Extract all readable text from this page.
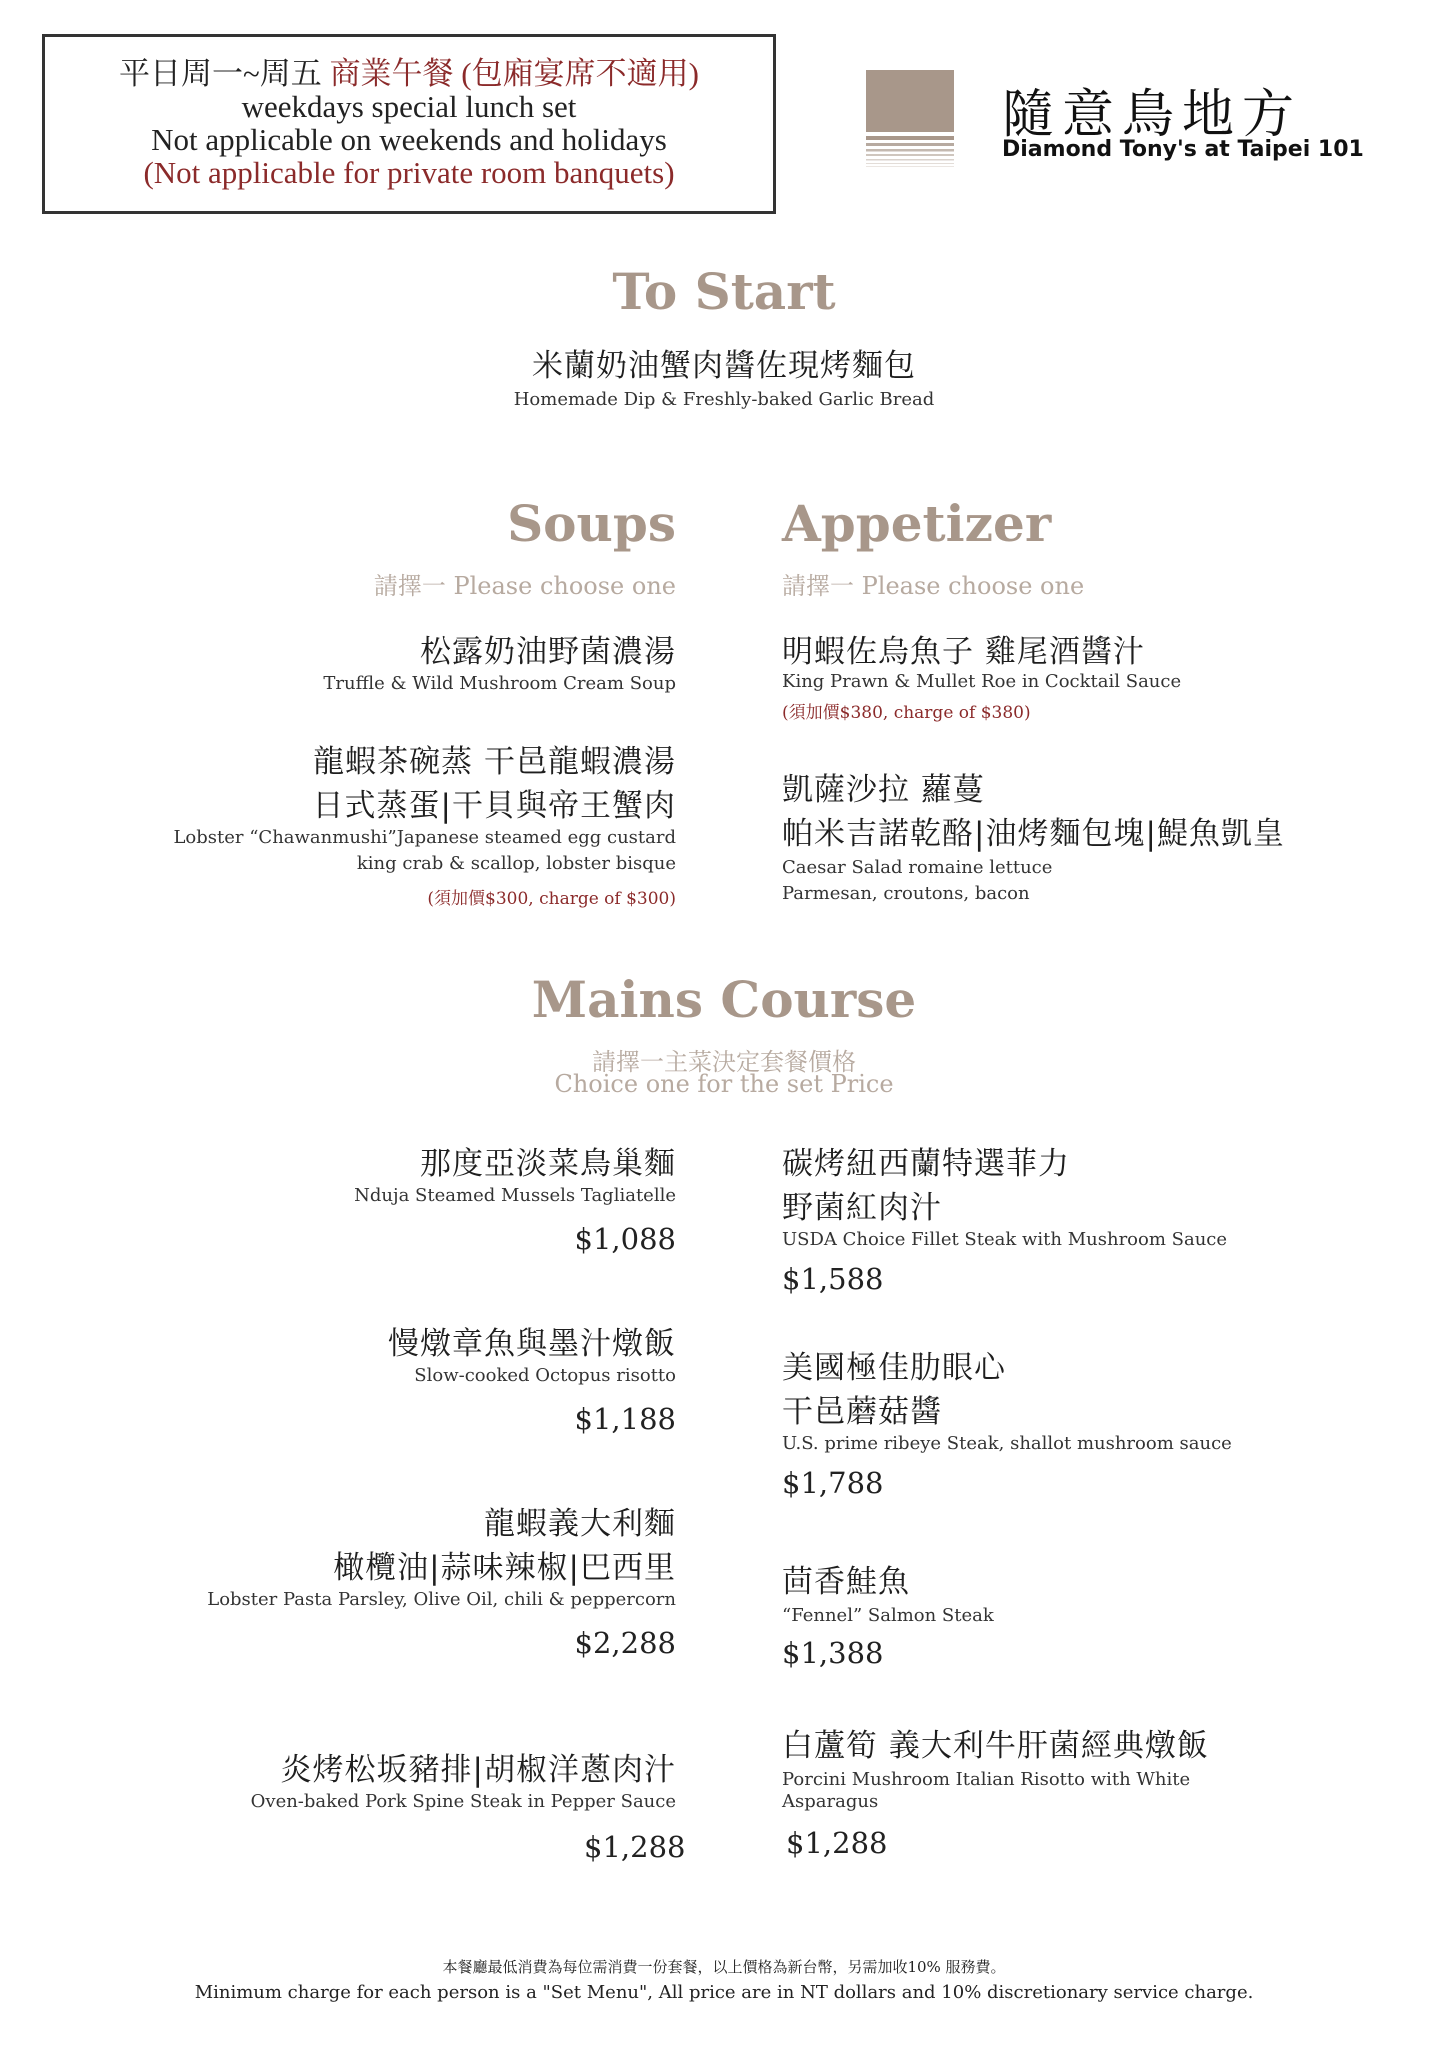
平日周一~周五 商業午餐 (包廂宴席不適用)
weekdays special lunch set
Not applicable on weekends and holidays
(Not applicable for private room banquets)
隨意鳥地方
Diamond Tony's at Taipei 101
To Start
米蘭奶油蟹肉醬佐現烤麵包
Homemade Dip & Freshly-baked Garlic Bread
Soups
請擇一 Please choose one
松露奶油野菌濃湯
Truffle & Wild Mushroom Cream Soup
龍蝦茶碗蒸 干邑龍蝦濃湯
日式蒸蛋|干貝與帝王蟹肉
Lobster “Chawanmushi”Japanese steamed egg custard
king crab & scallop, lobster bisque
(須加價$300, charge of $300)
Appetizer
請擇一 Please choose one
明蝦佐烏魚子 雞尾酒醬汁
King Prawn & Mullet Roe in Cocktail Sauce
(須加價$380, charge of $380)
凱薩沙拉 蘿蔓
帕米吉諾乾酪|油烤麵包塊|鯷魚凱皇
Caesar Salad romaine lettuce
Parmesan, croutons, bacon
Mains Course
請擇一主菜決定套餐價格
Choice one for the set Price
那度亞淡菜鳥巢麵
Nduja Steamed Mussels Tagliatelle
$1,088
慢燉章魚與墨汁燉飯
Slow-cooked Octopus risotto
$1,188
龍蝦義大利麵
橄欖油|蒜味辣椒|巴西里
Lobster Pasta Parsley, Olive Oil, chili & peppercorn
$2,288
炎烤松坂豬排|胡椒洋蔥肉汁
Oven-baked Pork Spine Steak in Pepper Sauce
$1,288
碳烤紐西蘭特選菲力
野菌紅肉汁
USDA Choice Fillet Steak with Mushroom Sauce
$1,588
美國極佳肋眼心
干邑蘑菇醬
U.S. prime ribeye Steak, shallot mushroom sauce
$1,788
茴香鮭魚
“Fennel” Salmon Steak
$1,388
白蘆筍 義大利牛肝菌經典燉飯
Porcini Mushroom Italian Risotto with White
Asparagus
$1,288
本餐廳最低消費為每位需消費一份套餐，以上價格為新台幣，另需加收10% 服務費。
Minimum charge for each person is a "Set Menu", All price are in NT dollars and 10% discretionary service charge.
